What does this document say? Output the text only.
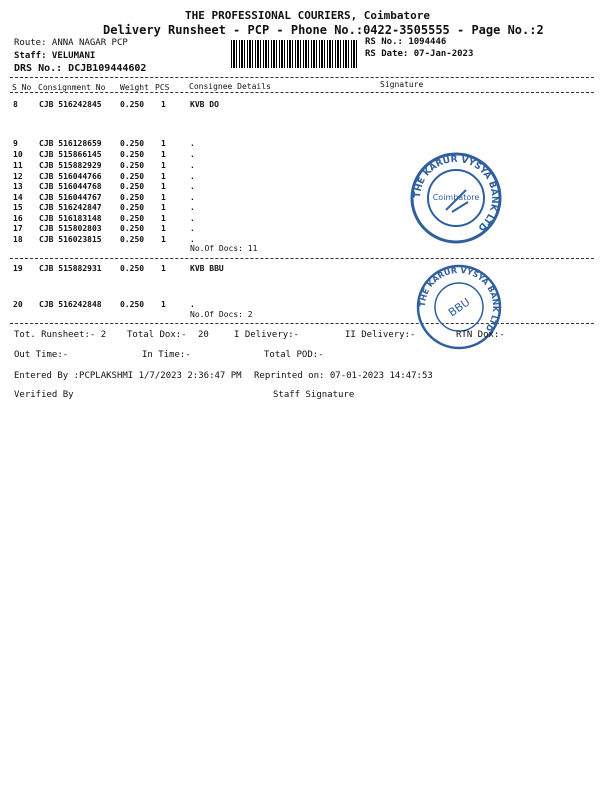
THE PROFESSIONAL COURIERS, Coimbatore
Delivery Runsheet - PCP - Phone No.:0422-3505555 - Page No.:2
Route: ANNA NAGAR PCP
Staff: VELUMANI
DRS No.: DCJB109444602
RS No.: 1094446
RS Date: 07-Jan-2023
S No Consignment No Weight PCS Consignee Details	Signature
8	CJB 516242845 0.250 1	KVB DO
9	CJB 516128659 0.250 1	.
10 CJB 515866145 0.250 1	.
11 CJB 515882929 0.250 1	.
12 CJB 516044766 0.250 1	.
13 CJB 516044768 0.250 1	.
14 CJB 516044767 0.250 1	.
15 CJB 516242847 0.250 1	.
16 CJB 516183148 0.250 1	.
17 CJB 515802803 0.250 1	.
18 CJB 516023815 0.250 1	.
No.Of Docs: 11
19 CJB 515882931 0.250 1	KVB BBU
20 CJB 516242848 0.250 1	.
No.Of Docs: 2
THE KARUR VYSYA BANK LTD
Coimbatore
THE KARUR VYSYA BANK LTD
BBU
Tot. Runsheet:- 2 Total Dox:- 20	I Delivery:-	II Delivery:-	RTN Dox:-
Out Time:-	In Time:-	Total POD:-
Entered By :PCPLAKSHMI 1/7/2023 2:36:47 PM Reprinted on: 07-01-2023 14:47:53
Verified By	Staff Signature
